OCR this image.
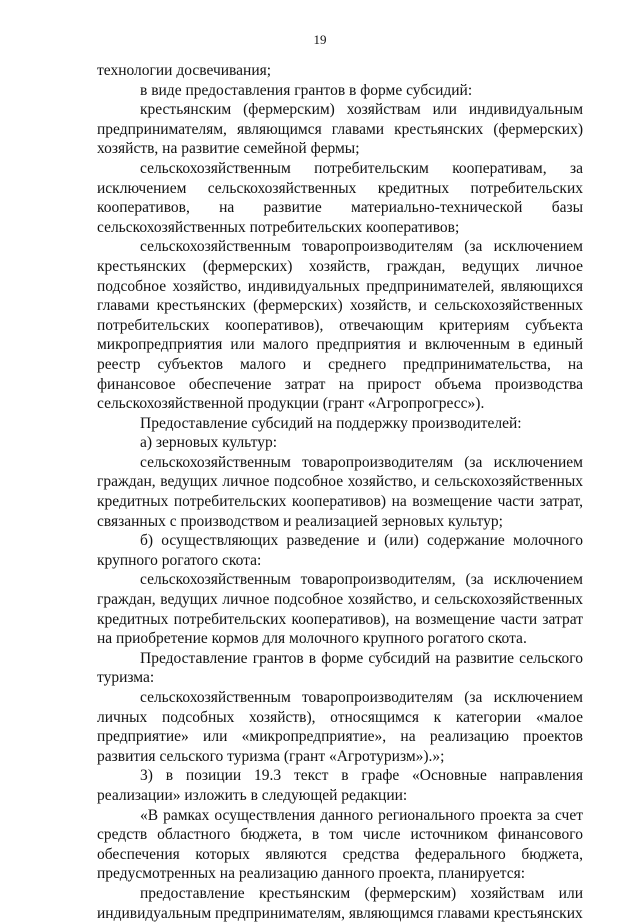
19

технологии досвечивания;

в виде предоставления грантов в форме субсидий:

крестьянским (фермерским) хозяйствам или индивидуальным предпринимателям, являющимся главами крестьянских (фермерских) хозяйств, на развитие семейной фермы;

сельскохозяйственным потребительским кооперативам, за исключением сельскохозяйственных кредитных потребительских кооперативов, на развитие материально-технической базы сельскохозяйственных потребительских кооперативов;

сельскохозяйственным товаропроизводителям (за исключением крестьянских (фермерских) хозяйств, граждан, ведущих личное подсобное хозяйство, индивидуальных предпринимателей, являющихся главами крестьянских (фермерских) хозяйств, и сельскохозяйственных потребительских кооперативов), отвечающим критериям субъекта микропредприятия или малого предприятия и включенным в единый реестр субъектов малого и среднего предпринимательства, на финансовое обеспечение затрат на прирост объема производства сельскохозяйственной продукции (грант «Агропрогресс»).

Предоставление субсидий на поддержку производителей:

а) зерновых культур:

сельскохозяйственным товаропроизводителям (за исключением граждан, ведущих личное подсобное хозяйство, и сельскохозяйственных кредитных потребительских кооперативов) на возмещение части затрат, связанных с производством и реализацией зерновых культур;

б) осуществляющих разведение и (или) содержание молочного крупного рогатого скота:

сельскохозяйственным товаропроизводителям, (за исключением граждан, ведущих личное подсобное хозяйство, и сельскохозяйственных кредитных потребительских кооперативов), на возмещение части затрат на приобретение кормов для молочного крупного рогатого скота.

Предоставление грантов в форме субсидий на развитие сельского туризма:

сельскохозяйственным товаропроизводителям (за исключением личных подсобных хозяйств), относящимся к категории «малое предприятие» или «микропредприятие», на реализацию проектов развития сельского туризма (грант «Агротуризм»).»;

3) в позиции 19.3 текст в графе «Основные направления реализации» изложить в следующей редакции:

«В рамках осуществления данного регионального проекта за счет средств областного бюджета, в том числе источником финансового обеспечения которых являются средства федерального бюджета, предусмотренных на реализацию данного проекта, планируется:

предоставление крестьянским (фермерским) хозяйствам или индивидуальным предпринимателям, являющимся главами крестьянских
